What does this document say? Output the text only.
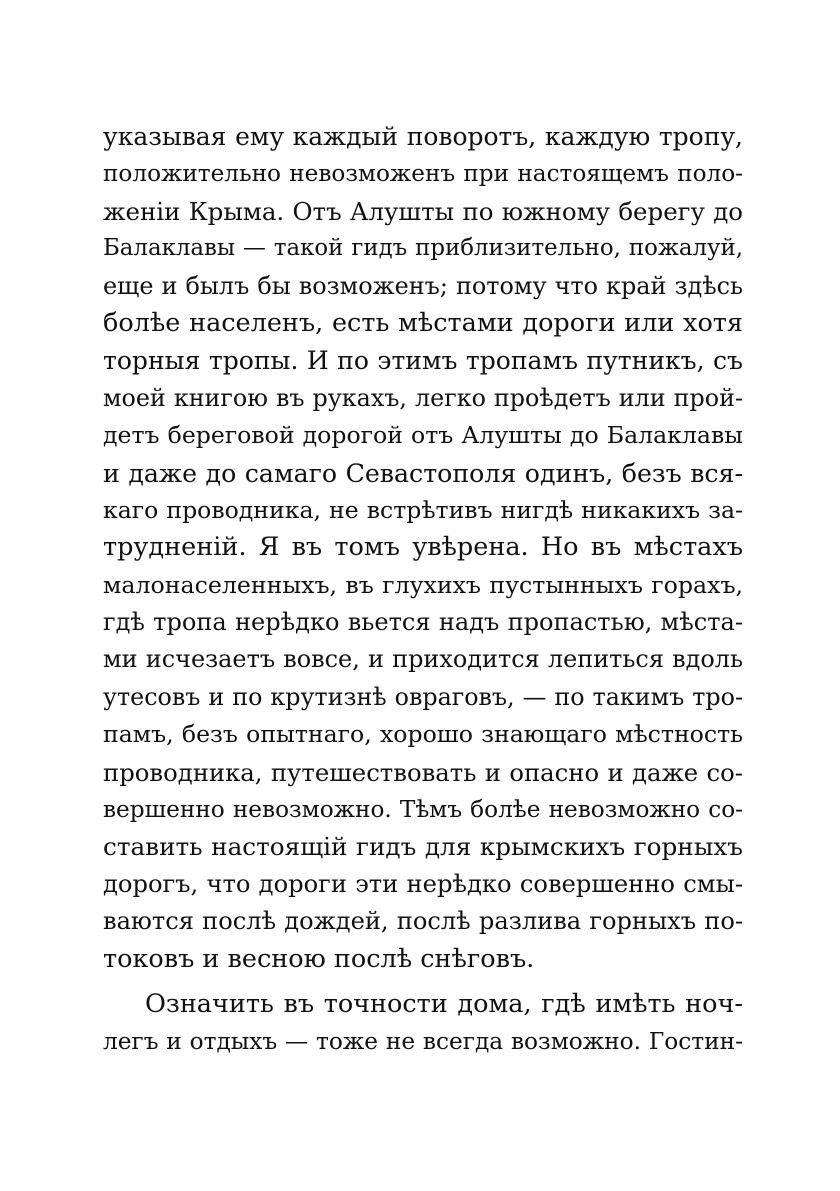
указывая ему каждый поворотъ, каждую тропу,
положительно невозможенъ при настоящемъ поло-
женіи Крыма. Отъ Алушты по южному берегу до
Балаклавы — такой гидъ приблизительно, пожалуй,
еще и былъ бы возможенъ; потому что край здѣсь
болѣе населенъ, есть мѣстами дороги или хотя
торныя тропы. И по этимъ тропамъ путникъ, съ
моей книгою въ рукахъ, легко проѣдетъ или прой-
детъ береговой дорогой отъ Алушты до Балаклавы
и даже до самаго Севастополя одинъ, безъ вся-
каго проводника, не встрѣтивъ нигдѣ никакихъ за-
трудненій. Я въ томъ увѣрена. Но въ мѣстахъ
малонаселенныхъ, въ глухихъ пустынныхъ горахъ,
гдѣ тропа нерѣдко вьется надъ пропастью, мѣста-
ми исчезаетъ вовсе, и приходится лепиться вдоль
утесовъ и по крутизнѣ овраговъ, — по такимъ тро-
памъ, безъ опытнаго, хорошо знающаго мѣстность
проводника, путешествовать и опасно и даже со-
вершенно невозможно. Тѣмъ болѣе невозможно со-
ставить настоящій гидъ для крымскихъ горныхъ
дорогъ, что дороги эти нерѣдко совершенно смы-
ваются послѣ дождей, послѣ разлива горныхъ по-
токовъ и весною послѣ снѣговъ.
Означить въ точности дома, гдѣ имѣть ноч-
легъ и отдыхъ — тоже не всегда возможно. Гостин-
